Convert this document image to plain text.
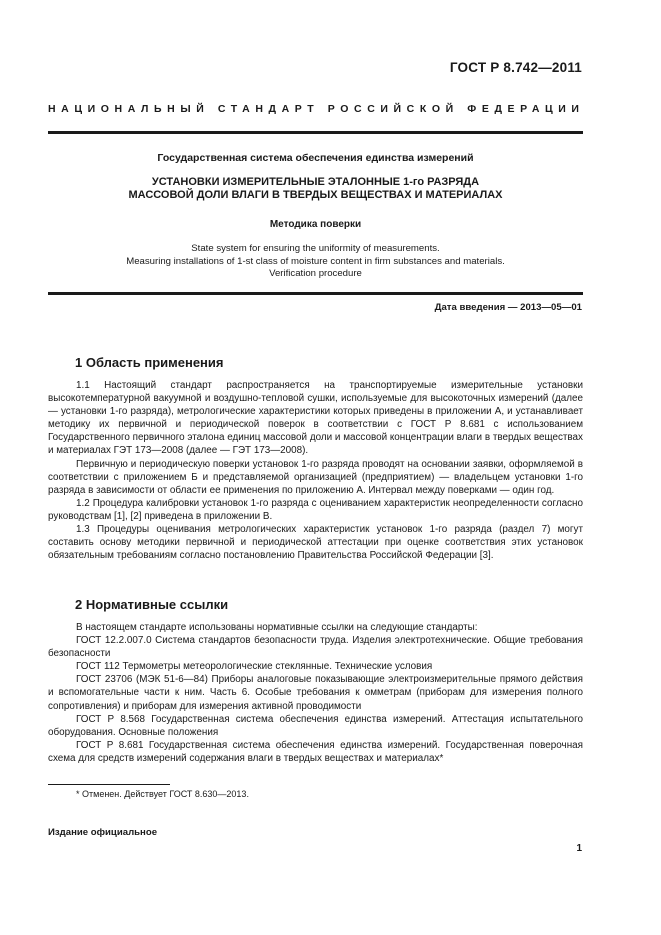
ГОСТ Р 8.742—2011
НАЦИОНАЛЬНЫЙ СТАНДАРТ РОССИЙСКОЙ ФЕДЕРАЦИИ
Государственная система обеспечения единства измерений
УСТАНОВКИ ИЗМЕРИТЕЛЬНЫЕ ЭТАЛОННЫЕ 1-го РАЗРЯДА
МАССОВОЙ ДОЛИ ВЛАГИ В ТВЕРДЫХ ВЕЩЕСТВАХ И МАТЕРИАЛАХ
Методика поверки
State system for ensuring the uniformity of measurements.
Measuring installations of 1-st class of moisture content in firm substances and materials.
Verification procedure
Дата введения — 2013—05—01
1 Область применения

1.1 Настоящий стандарт распространяется на транспортируемые измерительные установки высокотемпературной вакуумной и воздушно-тепловой сушки, используемые для высокоточных измерений (далее — установки 1-го разряда), метрологические характеристики которых приведены в приложении А, и устанавливает методику их первичной и периодической поверок в соответствии с ГОСТ Р 8.681 с использованием Государственного первичного эталона единиц массовой доли и массовой концентрации влаги в твердых веществах и материалах ГЭТ 173—2008 (далее — ГЭТ 173—2008).

Первичную и периодическую поверки установок 1-го разряда проводят на основании заявки, оформляемой в соответствии с приложением Б и представляемой организацией (предприятием) — владельцем установки 1-го разряда в зависимости от области ее применения по приложению А. Интервал между поверками — один год.

1.2 Процедура калибровки установок 1-го разряда с оцениванием характеристик неопределенности согласно руководствам [1], [2] приведена в приложении В.

1.3 Процедуры оценивания метрологических характеристик установок 1-го разряда (раздел 7) могут составить основу методики первичной и периодической аттестации при оценке соответствия этих установок обязательным требованиям согласно постановлению Правительства Российской Федерации [3].

2 Нормативные ссылки

В настоящем стандарте использованы нормативные ссылки на следующие стандарты:

ГОСТ 12.2.007.0 Система стандартов безопасности труда. Изделия электротехнические. Общие требования безопасности

ГОСТ 112 Термометры метеорологические стеклянные. Технические условия

ГОСТ 23706 (МЭК 51-6—84) Приборы аналоговые показывающие электроизмерительные прямого действия и вспомогательные части к ним. Часть 6. Особые требования к омметрам (приборам для измерения полного сопротивления) и приборам для измерения активной проводимости

ГОСТ Р 8.568 Государственная система обеспечения единства измерений. Аттестация испытательного оборудования. Основные положения

ГОСТ Р 8.681 Государственная система обеспечения единства измерений. Государственная поверочная схема для средств измерений содержания влаги в твердых веществах и материалах*

* Отменен. Действует ГОСТ 8.630—2013.
Издание официальное
1
